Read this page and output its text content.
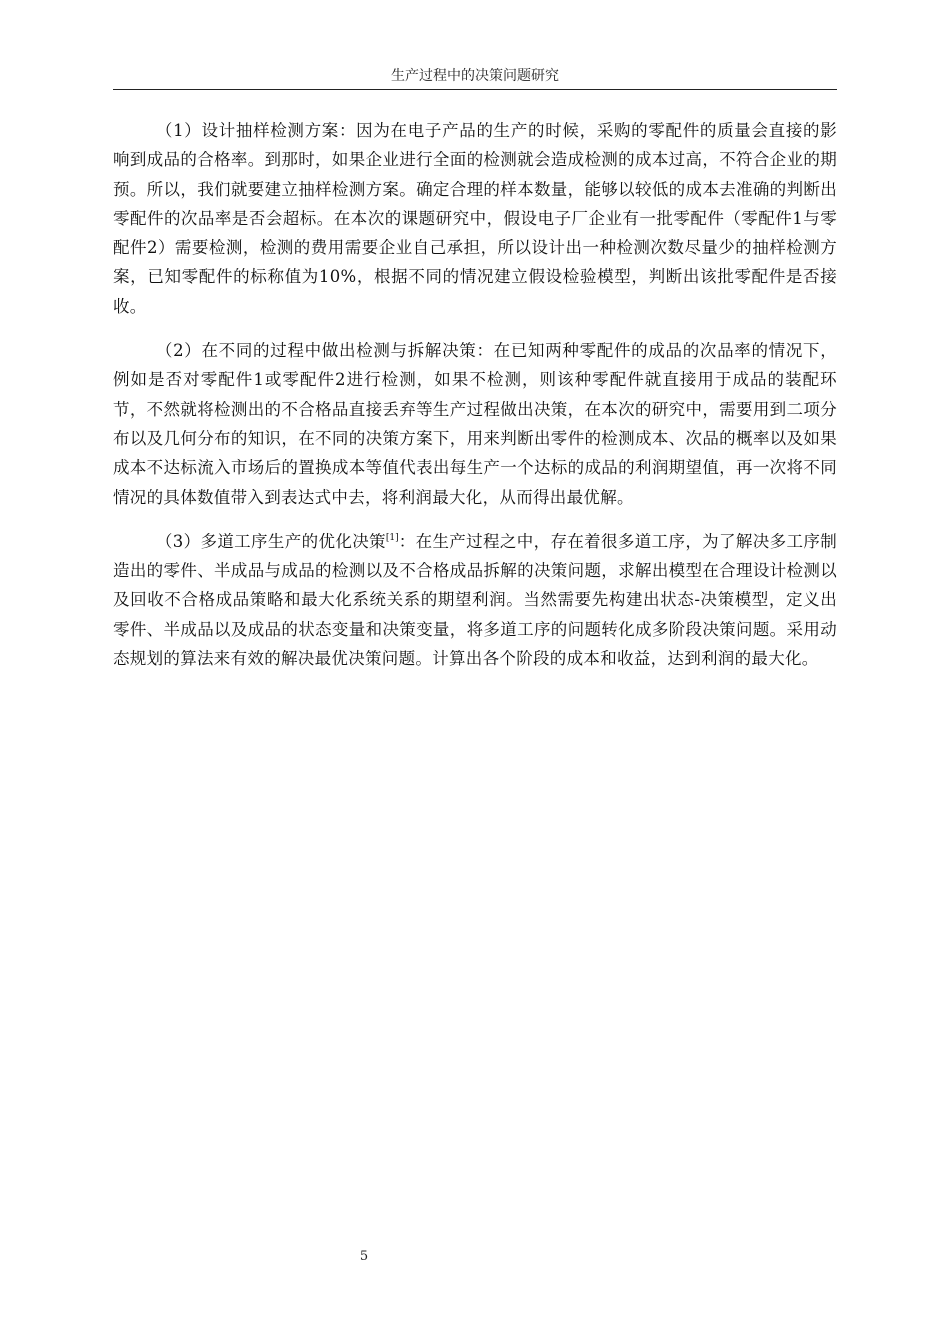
生产过程中的决策问题研究

（1）设计抽样检测方案：因为在电子产品的生产的时候，采购的零配件的质量会直接的影响到成品的合格率。到那时，如果企业进行全面的检测就会造成检测的成本过高，不符合企业的期预。所以，我们就要建立抽样检测方案。确定合理的样本数量，能够以较低的成本去准确的判断出零配件的次品率是否会超标。在本次的课题研究中，假设电子厂企业有一批零配件（零配件1与零配件2）需要检测，检测的费用需要企业自己承担，所以设计出一种检测次数尽量少的抽样检测方案，已知零配件的标称值为10%，根据不同的情况建立假设检验模型，判断出该批零配件是否接收。

（2）在不同的过程中做出检测与拆解决策：在已知两种零配件的成品的次品率的情况下，例如是否对零配件1或零配件2进行检测，如果不检测，则该种零配件就直接用于成品的装配环节，不然就将检测出的不合格品直接丢弃等生产过程做出决策，在本次的研究中，需要用到二项分布以及几何分布的知识，在不同的决策方案下，用来判断出零件的检测成本、次品的概率以及如果成本不达标流入市场后的置换成本等值代表出每生产一个达标的成品的利润期望值，再一次将不同情况的具体数值带入到表达式中去，将利润最大化，从而得出最优解。

（3）多道工序生产的优化决策[1]：在生产过程之中，存在着很多道工序，为了解决多工序制造出的零件、半成品与成品的检测以及不合格成品拆解的决策问题，求解出模型在合理设计检测以及回收不合格成品策略和最大化系统关系的期望利润。当然需要先构建出状态-决策模型，定义出零件、半成品以及成品的状态变量和决策变量，将多道工序的问题转化成多阶段决策问题。采用动态规划的算法来有效的解决最优决策问题。计算出各个阶段的成本和收益，达到利润的最大化。

5
